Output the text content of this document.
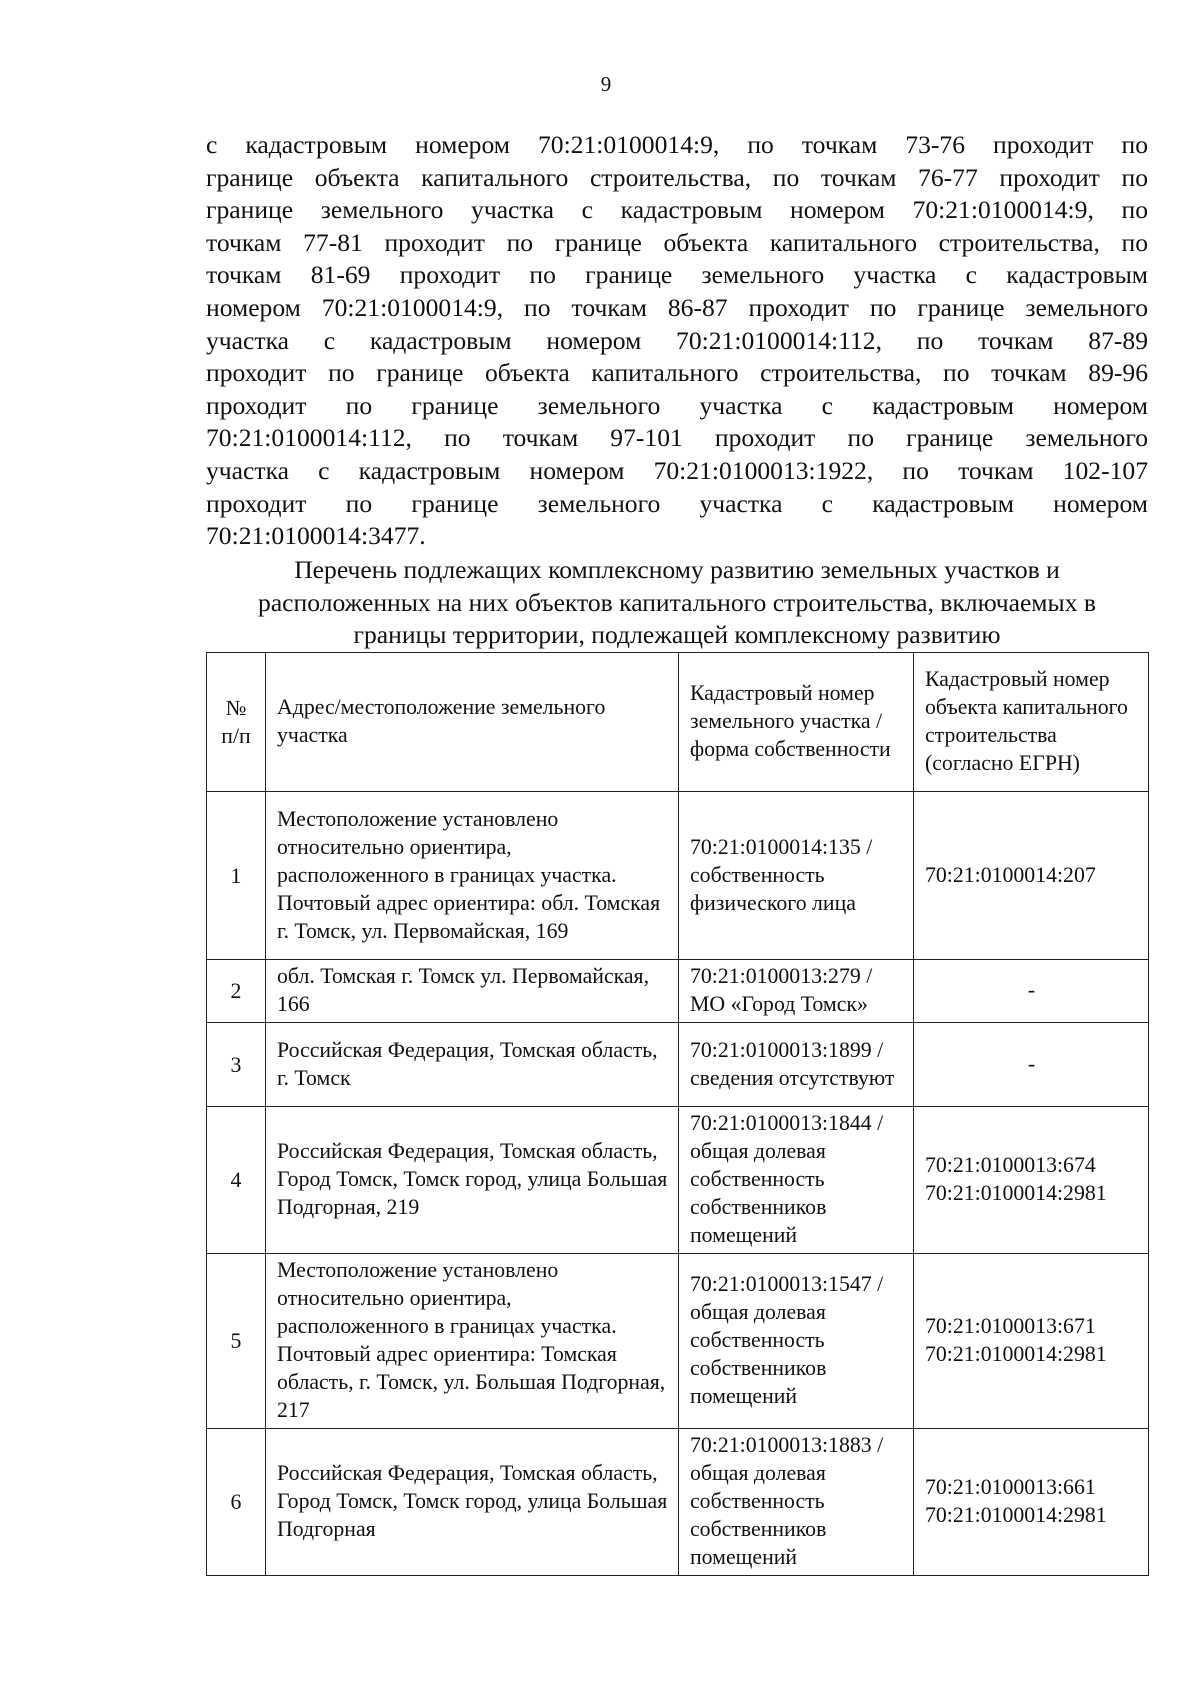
9
с кадастровым номером 70:21:0100014:9, по точкам 73-76 проходит по
границе объекта капитального строительства, по точкам 76-77 проходит по
границе земельного участка с кадастровым номером 70:21:0100014:9, по
точкам 77-81 проходит по границе объекта капитального строительства, по
точкам 81-69 проходит по границе земельного участка с кадастровым
номером 70:21:0100014:9, по точкам 86-87 проходит по границе земельного
участка с кадастровым номером 70:21:0100014:112, по точкам 87-89
проходит по границе объекта капитального строительства, по точкам 89-96
проходит по границе земельного участка с кадастровым номером
70:21:0100014:112, по точкам 97-101 проходит по границе земельного
участка с кадастровым номером 70:21:0100013:1922, по точкам 102-107
проходит по границе земельного участка с кадастровым номером
70:21:0100014:3477.
Перечень подлежащих комплексному развитию земельных участков и
расположенных на них объектов капитального строительства, включаемых в
границы территории, подлежащей комплексному развитию
№
п/п	Адрес/местоположение земельного участка	Кадастровый номер земельного участка / форма собственности	Кадастровый номер объекта капитального строительства (согласно ЕГРН)
1	Местоположение установлено относительно ориентира, расположенного в границах участка. Почтовый адрес ориентира: обл. Томская г. Томск, ул. Первомайская, 169	70:21:0100014:135 / собственность физического лица	70:21:0100014:207

2	обл. Томская г. Томск ул. Первомайская, 166	70:21:0100013:279 / МО «Город Томск»	-

3	Российская Федерация, Томская область, г. Томск	70:21:0100013:1899 / сведения отсутствуют	-

4	Российская Федерация, Томская область, Город Томск, Томск город, улица Большая Подгорная, 219	70:21:0100013:1844 / общая долевая собственность собственников помещений	70:21:0100013:674
70:21:0100014:2981

5	Местоположение установлено относительно ориентира, расположенного в границах участка. Почтовый адрес ориентира: Томская область, г. Томск, ул. Большая Подгорная, 217	70:21:0100013:1547 / общая долевая собственность собственников помещений	70:21:0100013:671
70:21:0100014:2981

6	Российская Федерация, Томская область, Город Томск, Томск город, улица Большая Подгорная	70:21:0100013:1883 / общая долевая собственность собственников помещений	70:21:0100013:661
70:21:0100014:2981
